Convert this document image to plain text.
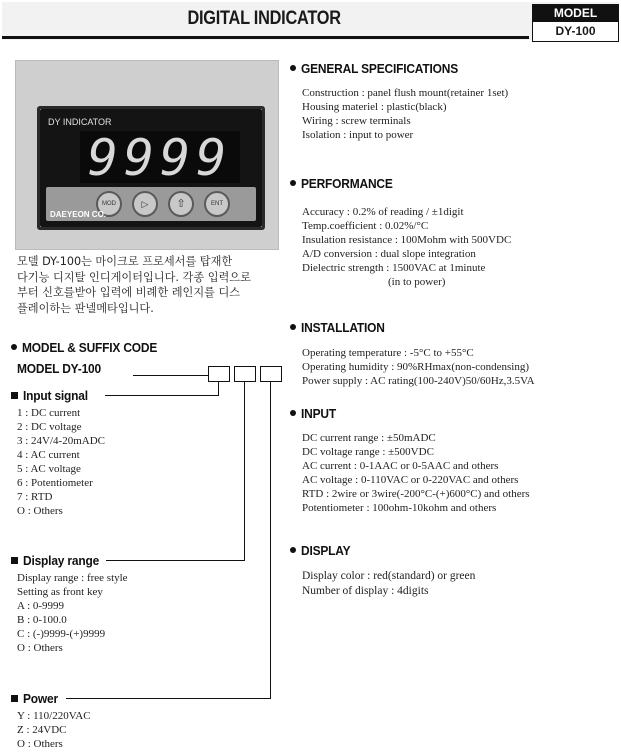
DIGITAL INDICATOR	MODEL
DY-100
DY INDICATOR
9999
MOD	▷	⇧	ENT
DAEYEON CO.
모델 DY-100는 마이크로 프로세서를 탑재한
다기능 디지탈 인디게이터입니다. 각종 입력으로
부터 신호를받아 입력에 비례한 레인지를 디스
플레이하는 판넬메타입니다.
MODEL & SUFFIX CODE
MODEL DY-100
Input signal
1 : DC current
2 : DC voltage
3 : 24V/4-20mADC
4 : AC current
5 : AC voltage
6 : Potentiometer
7 : RTD
O : Others
Display range
Display range : free style
Setting as front key
A : 0-9999
B : 0-100.0
C : (-)9999-(+)9999
O : Others
Power
Y : 110/220VAC
Z : 24VDC
O : Others
GENERAL SPECIFICATIONS
Construction : panel flush mount(retainer 1set)
Housing materiel : plastic(black)
Wiring : screw terminals
Isolation : input to power
PERFORMANCE
Accuracy : 0.2% of reading / ±1digit
Temp.coefficient : 0.02%/°C
Insulation resistance : 100Mohm with 500VDC
A/D conversion : dual slope integration
Dielectric strength : 1500VAC at 1minute
(in to power)
INSTALLATION
Operating temperature : -5°C to +55°C
Operating humidity : 90%RHmax(non-condensing)
Power supply : AC rating(100-240V)50/60Hz,3.5VA
INPUT
DC current range : ±50mADC
DC voltage range : ±500VDC
AC current : 0-1AAC or 0-5AAC and others
AC voltage : 0-110VAC or 0-220VAC and others
RTD : 2wire or 3wire(-200°C-(+)600°C) and others
Potentiometer : 100ohm-10kohm and others
DISPLAY
Display color : red(standard) or green
Number of display : 4digits
